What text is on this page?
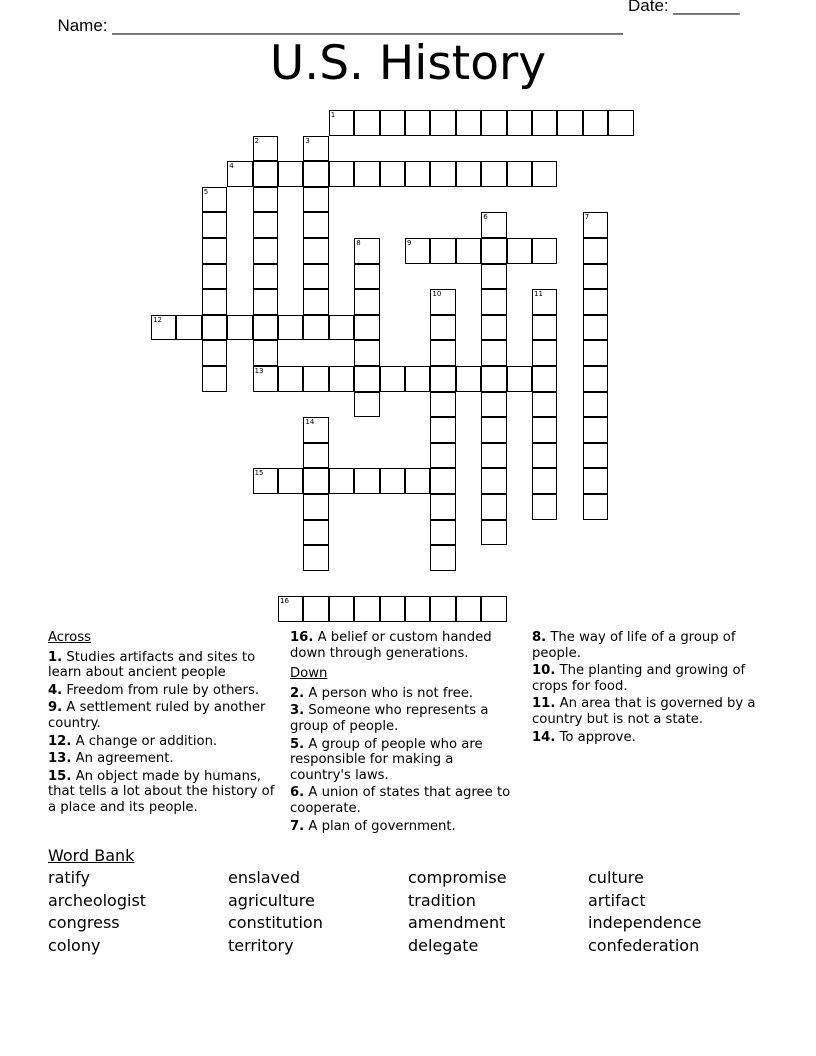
Name: ______________________________________________________

Date: _______

U.S. History
1
2	3
4
5
6	7
8	9
10	11
12
13
14
15
16
Across
1. Studies artifacts and sites to learn about ancient people
4. Freedom from rule by others.
9. A settlement ruled by another country.
12. A change or addition.
13. An agreement.
15. An object made by humans, that tells a lot about the history of a place and its people.
16. A belief or custom handed down through generations.
Down
2. A person who is not free.
3. Someone who represents a group of people.
5. A group of people who are responsible for making a country's laws.
6. A union of states that agree to cooperate.
7. A plan of government.
8. The way of life of a group of people.
10. The planting and growing of crops for food.
11. An area that is governed by a country but is not a state.
14. To approve.
Word Bank
ratify	enslaved	compromise	culture
archeologist	agriculture	tradition	artifact
congress	constitution	amendment	independence
colony	territory	delegate	confederation
